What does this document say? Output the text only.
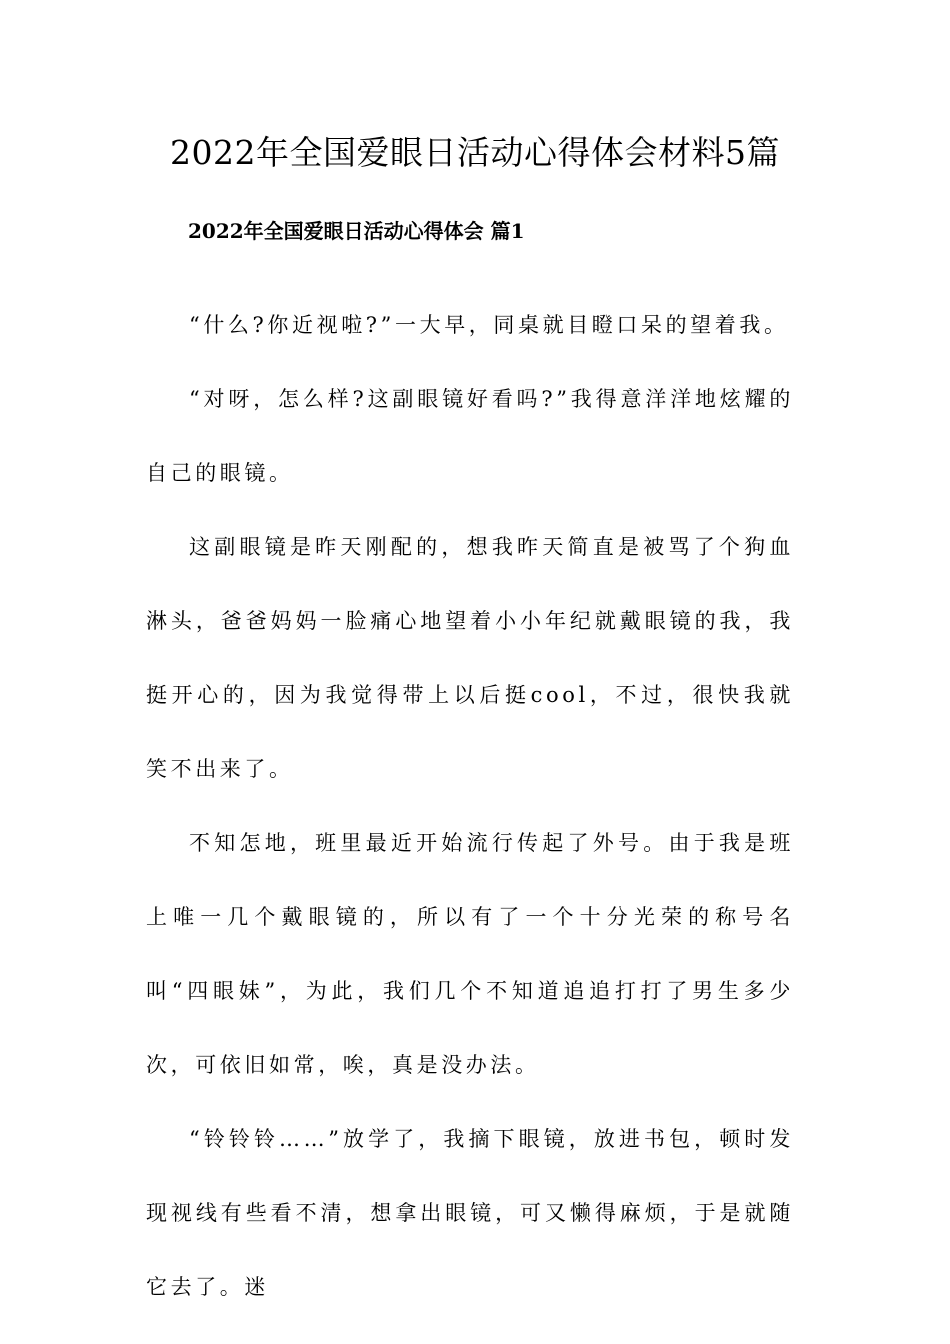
2022年全国爱眼日活动心得体会材料5篇
2022年全国爱眼日活动心得体会 篇1

“什么?你近视啦?”一大早，同桌就目瞪口呆的望着我。

“对呀，怎么样?这副眼镜好看吗?”我得意洋洋地炫耀的自己的眼镜。

这副眼镜是昨天刚配的，想我昨天简直是被骂了个狗血淋头，爸爸妈妈一脸痛心地望着小小年纪就戴眼镜的我，我挺开心的，因为我觉得带上以后挺cool，不过，很快我就笑不出来了。

不知怎地，班里最近开始流行传起了外号。由于我是班上唯一几个戴眼镜的，所以有了一个十分光荣的称号名叫“四眼妹”，为此，我们几个不知道追追打打了男生多少次，可依旧如常，唉，真是没办法。

“铃铃铃……”放学了，我摘下眼镜，放进书包，顿时发现视线有些看不清，想拿出眼镜，可又懒得麻烦，于是就随它去了。迷
